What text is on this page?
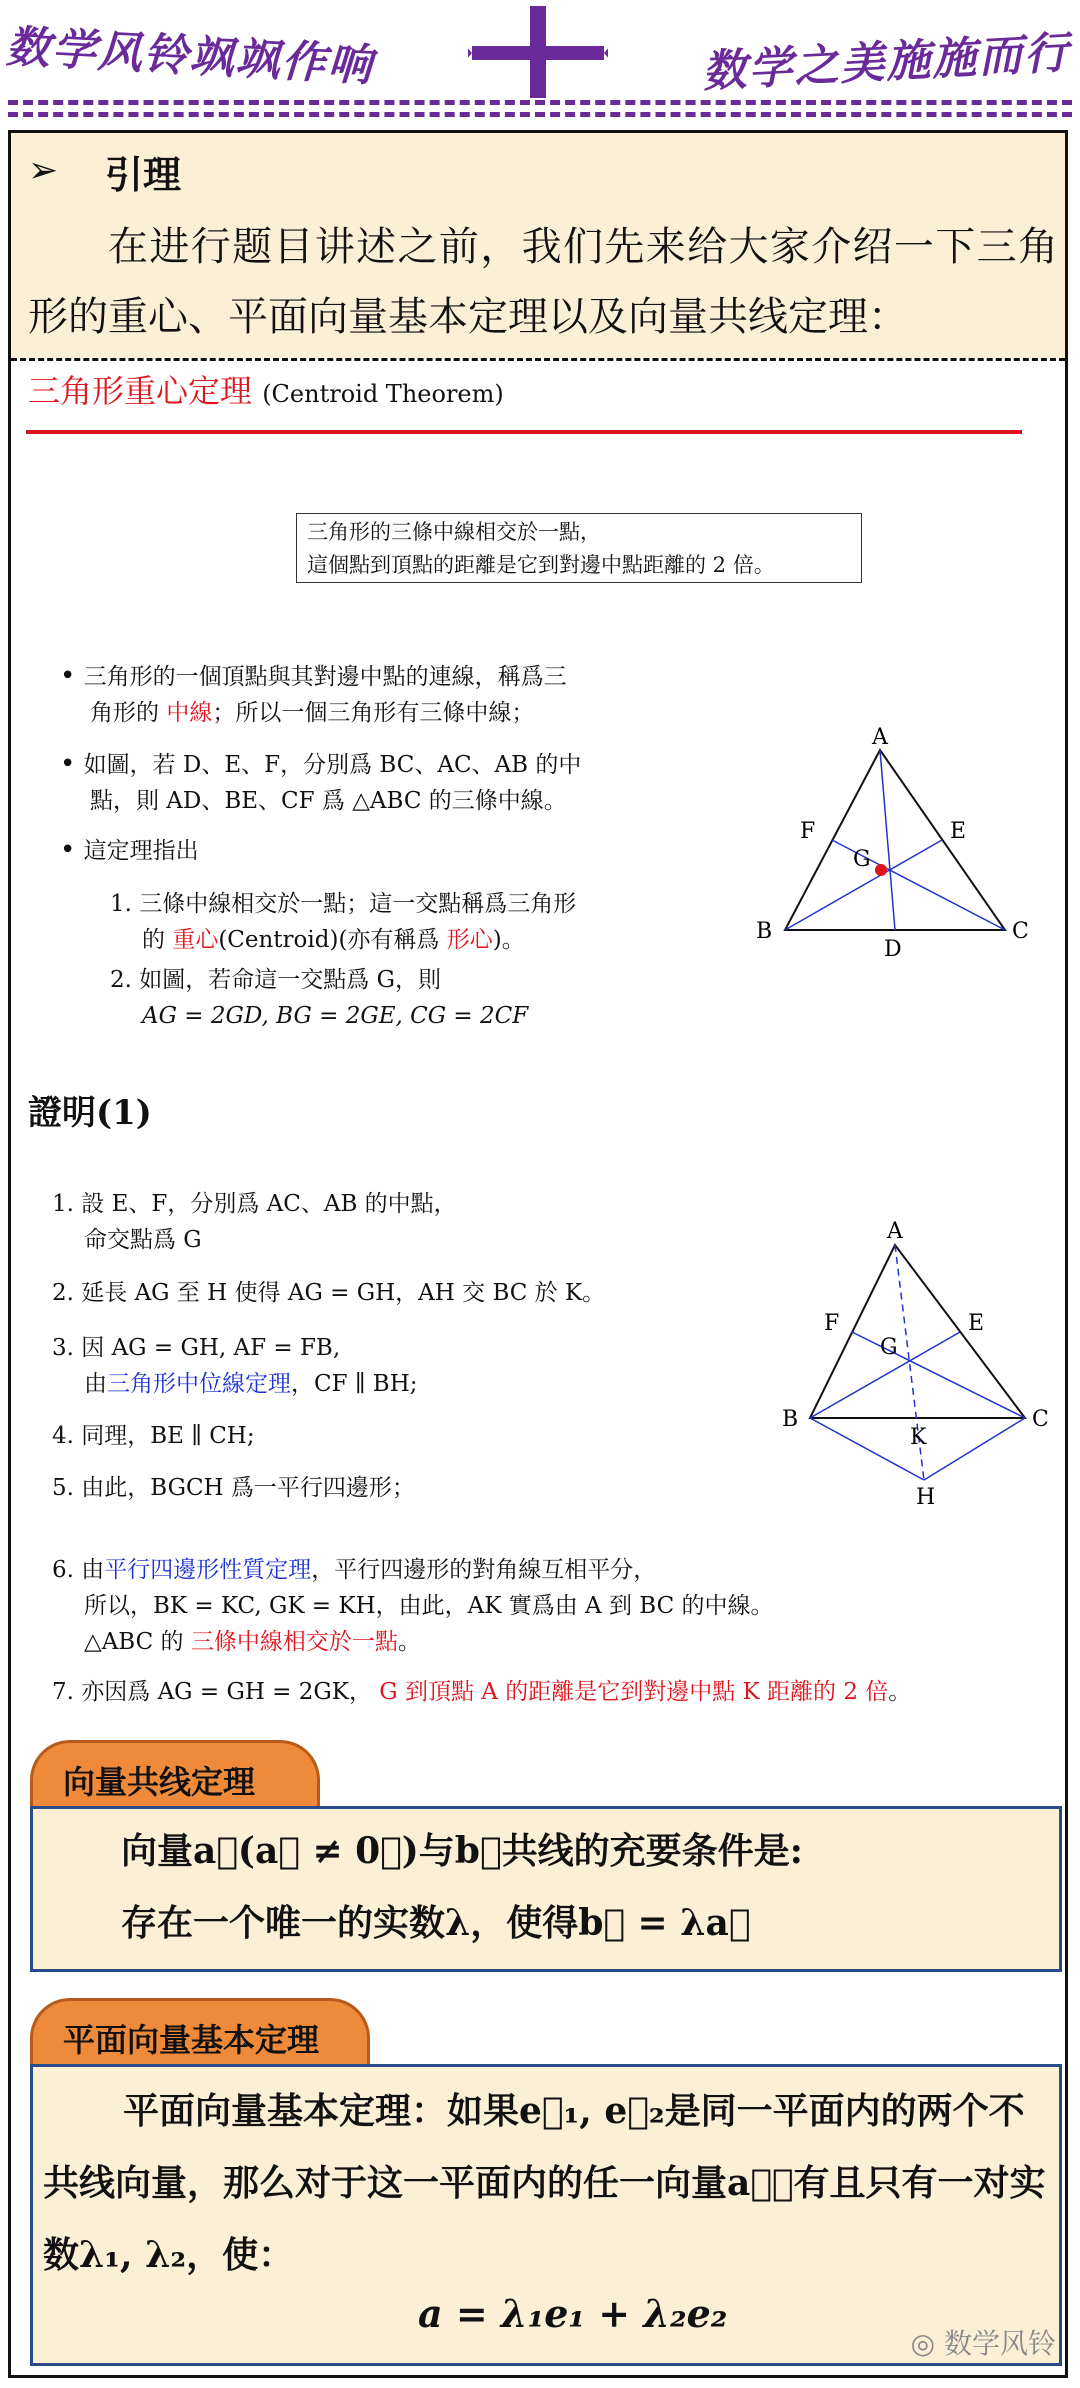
数学风铃飒飒作响	数学之美施施而行
➢ 引理
在进行题目讲述之前，我们先来给大家介绍一下三角形的重心、平面向量基本定理以及向量共线定理：
三角形重心定理 (Centroid Theorem)
三角形的三條中線相交於一點，
這個點到頂點的距離是它到對邊中點距離的 2 倍。
• 三角形的一個頂點與其對邊中點的連線，稱爲三
角形的 中線；所以一個三角形有三條中線；
• 如圖，若 D、E、F，分別爲 BC、AC、AB 的中
點，則 AD、BE、CF 爲 △ABC 的三條中線。
• 這定理指出
1. 三條中線相交於一點；這一交點稱爲三角形
的 重心(Centroid)(亦有稱爲 形心)。
2. 如圖，若命這一交點爲 G，則
AG = 2GD, BG = 2GE, CG = 2CF
A
B	C
D
E
F
G
證明(1)
1. 設 E、F，分別爲 AC、AB 的中點，
命交點爲 G
2. 延長 AG 至 H 使得 AG = GH，AH 交 BC 於 K。
3. 因 AG = GH, AF = FB,
由三角形中位線定理，CF ∥ BH;
4. 同理，BE ∥ CH;
5. 由此，BGCH 爲一平行四邊形；
6. 由平行四邊形性質定理，平行四邊形的對角線互相平分，
所以，BK = KC, GK = KH，由此，AK 實爲由 A 到 BC 的中線。
△ABC 的 三條中線相交於一點。
7. 亦因爲 AG = GH = 2GK， G 到頂點 A 的距離是它到對邊中點 K 距離的 2 倍。
A
B	C
E
F
G
H
K
向量共线定理
向量a⃗(a⃗ ≠ 0⃗)与b⃗共线的充要条件是:
存在一个唯一的实数λ，使得b⃗ = λa⃗
平面向量基本定理
平面向量基本定理：如果e⃗₁, e⃗₂是同一平面内的两个不共线向量，那么对于这一平面内的任一向量a⃗，有且只有一对实数λ₁, λ₂，使：
a = λ₁e₁ + λ₂e₂
◎ 数学风铃
